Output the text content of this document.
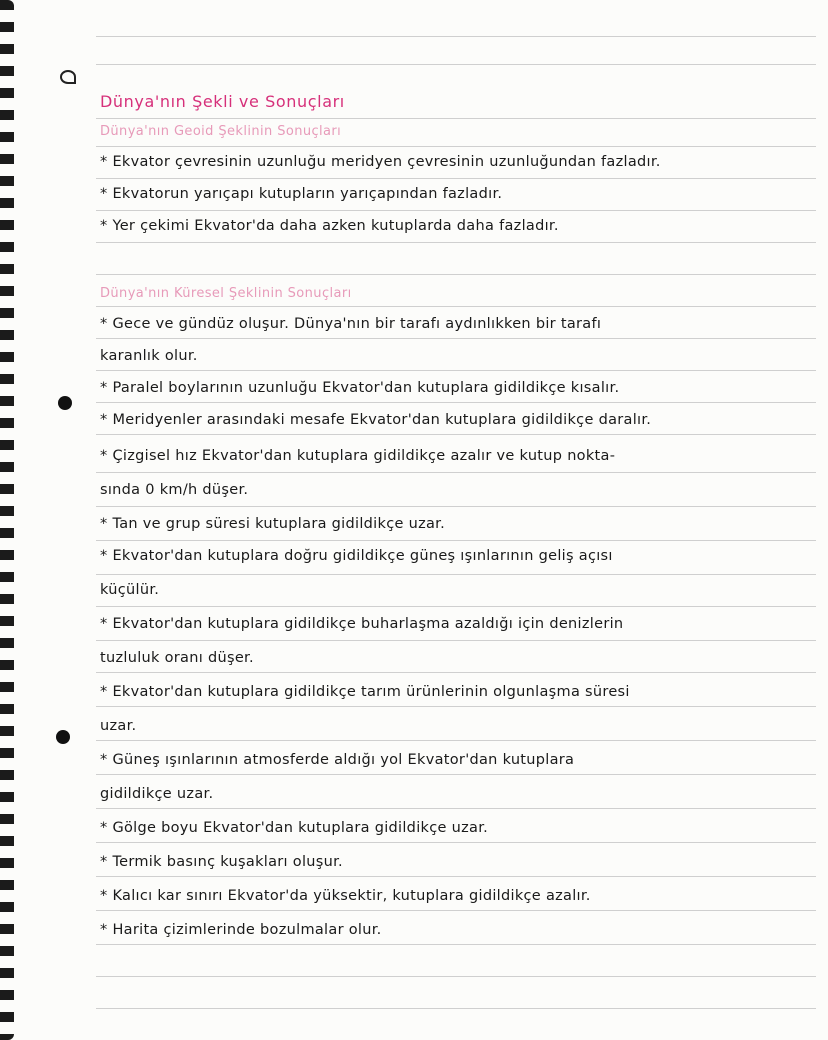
Dünya'nın Şekli ve Sonuçları
Dünya'nın Geoid Şeklinin Sonuçları
* Ekvator çevresinin uzunluğu meridyen çevresinin uzunluğundan fazladır.
* Ekvatorun yarıçapı kutupların yarıçapından fazladır.
* Yer çekimi Ekvator'da daha azken kutuplarda daha fazladır.
Dünya'nın Küresel Şeklinin Sonuçları
* Gece ve gündüz oluşur. Dünya'nın bir tarafı aydınlıkken bir tarafı
karanlık olur.
* Paralel boylarının uzunluğu Ekvator'dan kutuplara gidildikçe kısalır.
* Meridyenler arasındaki mesafe Ekvator'dan kutuplara gidildikçe daralır.
* Çizgisel hız Ekvator'dan kutuplara gidildikçe azalır ve kutup nokta-
sında 0 km/h düşer.
* Tan ve grup süresi kutuplara gidildikçe uzar.
* Ekvator'dan kutuplara doğru gidildikçe güneş ışınlarının geliş açısı
küçülür.
* Ekvator'dan kutuplara gidildikçe buharlaşma azaldığı için denizlerin
tuzluluk oranı düşer.
* Ekvator'dan kutuplara gidildikçe tarım ürünlerinin olgunlaşma süresi
uzar.
* Güneş ışınlarının atmosferde aldığı yol Ekvator'dan kutuplara
gidildikçe uzar.
* Gölge boyu Ekvator'dan kutuplara gidildikçe uzar.
* Termik basınç kuşakları oluşur.
* Kalıcı kar sınırı Ekvator'da yüksektir, kutuplara gidildikçe azalır.
* Harita çizimlerinde bozulmalar olur.
